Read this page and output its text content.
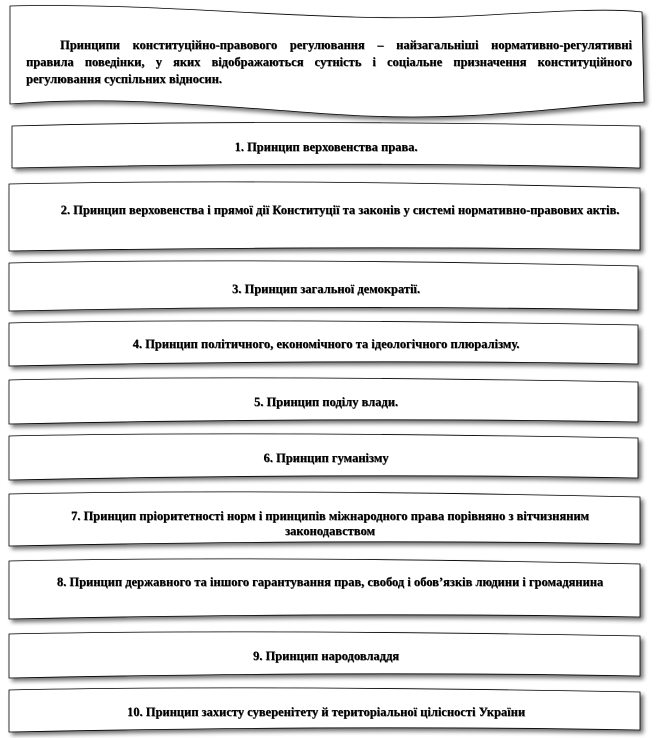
Принципи конституційно-правового регулювання – найзагальніші нормативно-регулятивні правила поведінки, у яких відображаються сутність і соціальне призначення конституційного регулювання суспільних відносин.
1. Принцип верховенства права.
2. Принцип верховенства і прямої дії Конституції та законів у системі нормативно-правових актів.
3. Принцип загальної демократії.
4. Принцип політичного, економічного та ідеологічного плюралізму.
5. Принцип поділу влади.
6. Принцип гуманізму
7. Принцип пріоритетності норм і принципів міжнародного права порівняно з вітчизняним законодавством
8. Принцип державного та іншого гарантування прав, свобод і обов’язків людини і громадянина
9. Принцип народовладдя
10. Принцип захисту суверенітету й територіальної цілісності України
